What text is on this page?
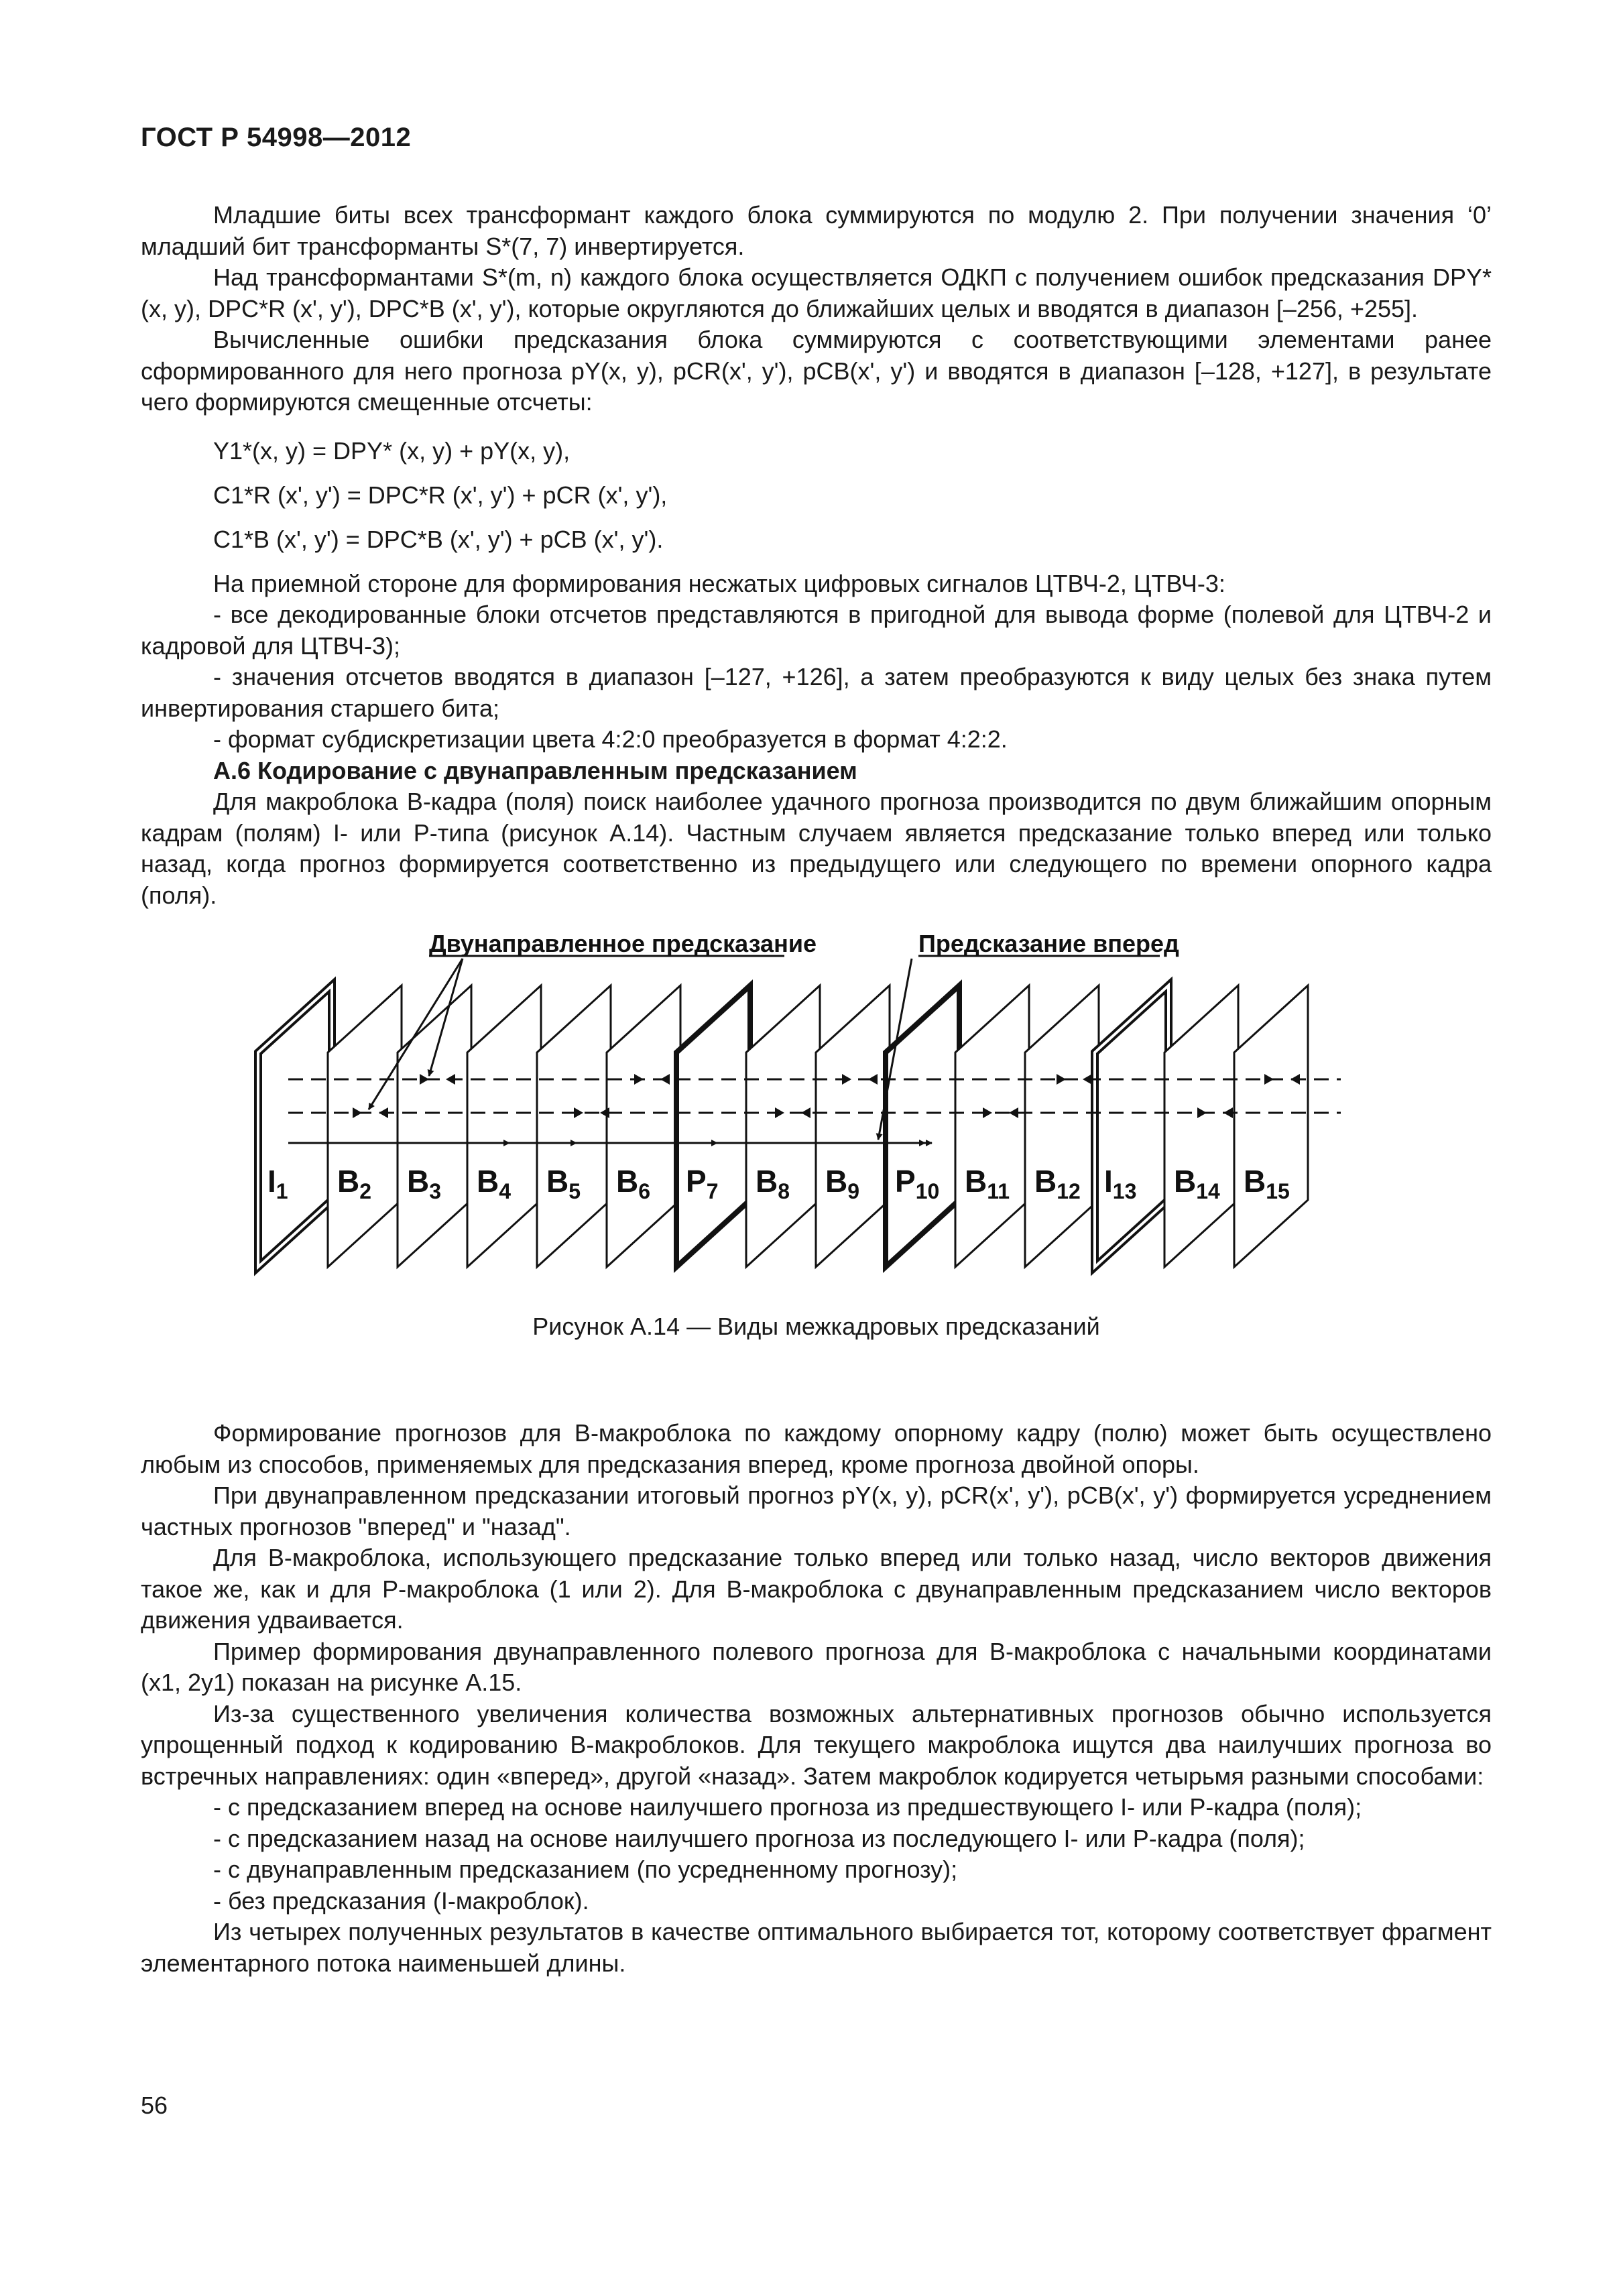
ГОСТ Р 54998—2012

Младшие биты всех трансформант каждого блока суммируются по модулю 2. При получении значения ‘0’ младший бит трансформанты S*(7, 7) инвертируется.

Над трансформантами S*(m, n) каждого блока осуществляется ОДКП с получением ошибок предсказания DPY*(x, y), DPC*R (x', y'), DPC*B (x', y'), которые округляются до ближайших целых и вводятся в диапазон [–256, +255].

Вычисленные ошибки предсказания блока суммируются с соответствующими элементами ранее сформированного для него прогноза pY(x, y), pCR(x', y'), pCB(x', y') и вводятся в диапазон [–128, +127], в результате чего формируются смещенные отсчеты:

Y1*(x, y) = DPY* (x, y) + pY(x, y),

C1*R (x', y') = DPC*R (x', y') + pCR (x', y'),

C1*B (x', y') = DPC*B (x', y') + pCB (x', y').

На приемной стороне для формирования несжатых цифровых сигналов ЦТВЧ-2, ЦТВЧ-3:

- все декодированные блоки отсчетов представляются в пригодной для вывода форме (полевой для ЦТВЧ-2 и кадровой для ЦТВЧ-3);

- значения отсчетов вводятся в диапазон [–127, +126], а затем преобразуются к виду целых без знака путем инвертирования старшего бита;

- формат субдискретизации цвета 4:2:0 преобразуется в формат 4:2:2.

А.6 Кодирование с двунаправленным предсказанием

Для макроблока B-кадра (поля) поиск наиболее удачного прогноза производится по двум ближайшим опорным кадрам (полям) I- или P-типа (рисунок А.14). Частным случаем является предсказание только вперед или только назад, когда прогноз формируется соответственно из предыдущего или следующего по времени опорного кадра (поля).

Двунаправленное предсказание	Предсказание вперед
$I_1$ $B_2$ $B_3$ $B_4$ $B_5$ $B_6$ $P_7$ $B_8$ $B_9$ $P_{10}$ $B_{11}$ $B_{12}$ $I_{13}$ $B_{14}$ $B_{15}$
Рисунок А.14 — Виды межкадровых предсказаний

Формирование прогнозов для B-макроблока по каждому опорному кадру (полю) может быть осуществлено любым из способов, применяемых для предсказания вперед, кроме прогноза двойной опоры.

При двунаправленном предсказании итоговый прогноз pY(x, y), pCR(x', y'), pCB(x', y') формируется усреднением частных прогнозов "вперед" и "назад".

Для B-макроблока, использующего предсказание только вперед или только назад, число векторов движения такое же, как и для P-макроблока (1 или 2). Для B-макроблока с двунаправленным предсказанием число векторов движения удваивается.

Пример формирования двунаправленного полевого прогноза для B-макроблока с начальными координатами (x1, 2y1) показан на рисунке А.15.

Из-за существенного увеличения количества возможных альтернативных прогнозов обычно используется упрощенный подход к кодированию B-макроблоков. Для текущего макроблока ищутся два наилучших прогноза во встречных направлениях: один «вперед», другой «назад». Затем макроблок кодируется четырьмя разными способами:

- с предсказанием вперед на основе наилучшего прогноза из предшествующего I- или P-кадра (поля);

- с предсказанием назад на основе наилучшего прогноза из последующего I- или P-кадра (поля);

- с двунаправленным предсказанием (по усредненному прогнозу);

- без предсказания (I-макроблок).

Из четырех полученных результатов в качестве оптимального выбирается тот, которому соответствует фрагмент элементарного потока наименьшей длины.

56
